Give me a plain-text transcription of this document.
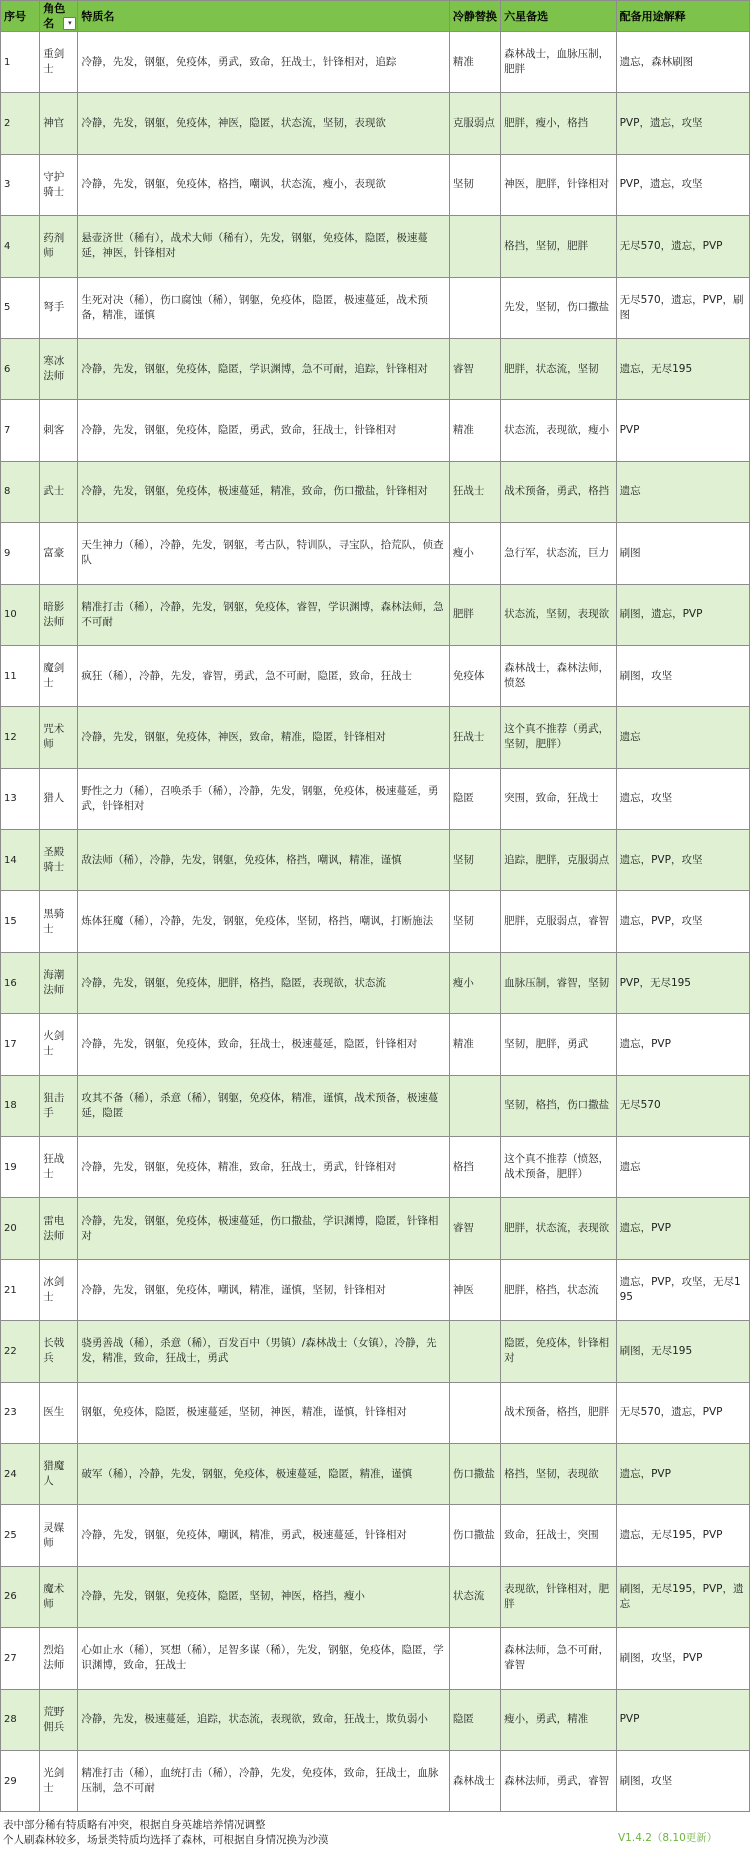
序号	角色名 ▾	特质名	冷静替换	六星备选	配备用途解释
1	重剑士	冷静，先发，钢躯，免疫体，勇武，致命，狂战士，针锋相对，追踪	精准	森林战士，血脉压制，肥胖	遗忘，森林刷图
2	神官	冷静，先发，钢躯，免疫体，神医，隐匿，状态流，坚韧，表现欲	克服弱点	肥胖，瘦小，格挡	PVP，遗忘，攻坚
3	守护骑士	冷静，先发，钢躯，免疫体，格挡，嘲讽，状态流，瘦小，表现欲	坚韧	神医，肥胖，针锋相对	PVP，遗忘，攻坚
4	药剂师	悬壶济世（稀有），战术大师（稀有），先发，钢躯，免疫体，隐匿，极速蔓延，神医，针锋相对		格挡，坚韧，肥胖	无尽570，遗忘，PVP
5	弩手	生死对决（稀），伤口腐蚀（稀），钢躯，免疫体，隐匿，极速蔓延，战术预备，精准，谨慎		先发，坚韧，伤口撒盐	无尽570，遗忘，PVP，刷图
6	寒冰法师	冷静，先发，钢躯，免疫体，隐匿，学识渊博，急不可耐，追踪，针锋相对	睿智	肥胖，状态流，坚韧	遗忘，无尽195
7	刺客	冷静，先发，钢躯，免疫体，隐匿，勇武，致命，狂战士，针锋相对	精准	状态流，表现欲，瘦小	PVP
8	武士	冷静，先发，钢躯，免疫体，极速蔓延，精准，致命，伤口撒盐，针锋相对	狂战士	战术预备，勇武，格挡	遗忘
9	富豪	天生神力（稀），冷静，先发，钢躯，考古队，特训队，寻宝队，拾荒队，侦查队	瘦小	急行军，状态流，巨力	刷图
10	暗影法师	精准打击（稀），冷静，先发，钢躯，免疫体，睿智，学识渊博，森林法师，急不可耐	肥胖	状态流，坚韧，表现欲	刷图，遗忘，PVP
11	魔剑士	疯狂（稀），冷静，先发，睿智，勇武，急不可耐，隐匿，致命，狂战士	免疫体	森林战士，森林法师，愤怒	刷图，攻坚
12	咒术师	冷静，先发，钢躯，免疫体，神医，致命，精准，隐匿，针锋相对	狂战士	这个真不推荐（勇武，坚韧，肥胖）	遗忘
13	猎人	野性之力（稀），召唤杀手（稀），冷静，先发，钢躯，免疫体，极速蔓延，勇武，针锋相对	隐匿	突围，致命，狂战士	遗忘，攻坚
14	圣殿骑士	敌法师（稀），冷静，先发，钢躯，免疫体，格挡，嘲讽，精准，谨慎	坚韧	追踪，肥胖，克服弱点	遗忘，PVP，攻坚
15	黑骑士	炼体狂魔（稀），冷静，先发，钢躯，免疫体，坚韧，格挡，嘲讽，打断施法	坚韧	肥胖，克服弱点，睿智	遗忘，PVP，攻坚
16	海潮法师	冷静，先发，钢躯，免疫体，肥胖，格挡，隐匿，表现欲，状态流	瘦小	血脉压制，睿智，坚韧	PVP，无尽195
17	火剑士	冷静，先发，钢躯，免疫体，致命，狂战士，极速蔓延，隐匿，针锋相对	精准	坚韧，肥胖，勇武	遗忘，PVP
18	狙击手	攻其不备（稀），杀意（稀），钢躯，免疫体，精准，谨慎，战术预备，极速蔓延，隐匿		坚韧，格挡，伤口撒盐	无尽570
19	狂战士	冷静，先发，钢躯，免疫体，精准，致命，狂战士，勇武，针锋相对	格挡	这个真不推荐（愤怒，战术预备，肥胖）	遗忘
20	雷电法师	冷静，先发，钢躯，免疫体，极速蔓延，伤口撒盐，学识渊博，隐匿，针锋相对	睿智	肥胖，状态流，表现欲	遗忘，PVP
21	冰剑士	冷静，先发，钢躯，免疫体，嘲讽，精准，谨慎，坚韧，针锋相对	神医	肥胖，格挡，状态流	遗忘，PVP，攻坚，无尽195
22	长戟兵	骁勇善战（稀），杀意（稀），百发百中（男镇）/森林战士（女镇），冷静，先发，精准，致命，狂战士，勇武		隐匿，免疫体，针锋相对	刷图，无尽195
23	医生	钢躯，免疫体，隐匿，极速蔓延，坚韧，神医，精准，谨慎，针锋相对		战术预备，格挡，肥胖	无尽570，遗忘，PVP
24	猎魔人	破军（稀），冷静，先发，钢躯，免疫体，极速蔓延，隐匿，精准，谨慎	伤口撒盐	格挡，坚韧，表现欲	遗忘，PVP
25	灵媒师	冷静，先发，钢躯，免疫体，嘲讽，精准，勇武，极速蔓延，针锋相对	伤口撒盐	致命，狂战士，突围	遗忘，无尽195，PVP
26	魔术师	冷静，先发，钢躯，免疫体，隐匿，坚韧，神医，格挡，瘦小	状态流	表现欲，针锋相对，肥胖	刷图，无尽195，PVP，遗忘
27	烈焰法师	心如止水（稀），冥想（稀），足智多谋（稀），先发，钢躯，免疫体，隐匿，学识渊博，致命，狂战士		森林法师，急不可耐，睿智	刷图，攻坚，PVP
28	荒野佣兵	冷静，先发，极速蔓延，追踪，状态流，表现欲，致命，狂战士，欺负弱小	隐匿	瘦小，勇武，精准	PVP
29	光剑士	精准打击（稀），血统打击（稀），冷静，先发，免疫体，致命，狂战士，血脉压制，急不可耐	森林战士	森林法师，勇武，睿智	刷图，攻坚
表中部分稀有特质略有冲突，根据自身英雄培养情况调整
个人刷森林较多，场景类特质均选择了森林，可根据自身情况换为沙漠	V1.4.2（8.10更新）
